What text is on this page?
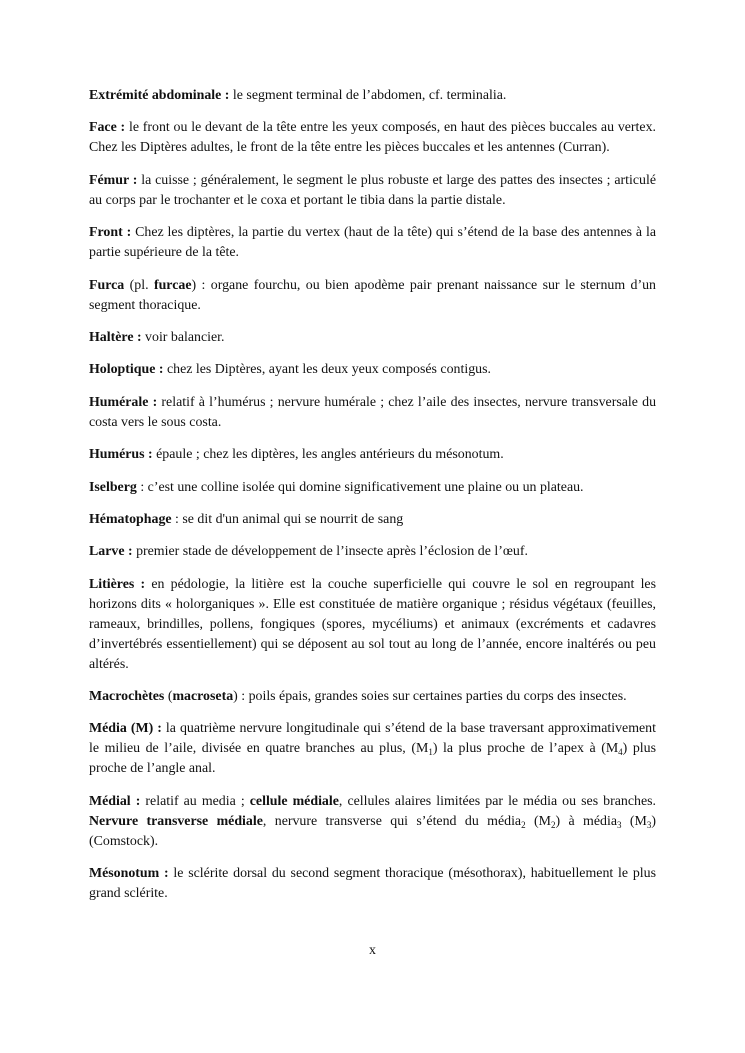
Extrémité abdominale : le segment terminal de l’abdomen, cf. terminalia.

Face : le front ou le devant de la tête entre les yeux composés, en haut des pièces buccales au vertex. Chez les Diptères adultes, le front de la tête entre les pièces buccales et les antennes (Curran).

Fémur : la cuisse ; généralement, le segment le plus robuste et large des pattes des insectes ; articulé au corps par le trochanter et le coxa et portant le tibia dans la partie distale.

Front : Chez les diptères, la partie du vertex (haut de la tête) qui s’étend de la base des antennes à la partie supérieure de la tête.

Furca (pl. furcae) : organe fourchu, ou bien apodème pair prenant naissance sur le sternum d’un segment thoracique.

Haltère : voir balancier.

Holoptique : chez les Diptères, ayant les deux yeux composés contigus.

Humérale : relatif à l’humérus ; nervure humérale ; chez l’aile des insectes, nervure transversale du costa vers le sous costa.

Humérus : épaule ; chez les diptères, les angles antérieurs du mésonotum.

Iselberg : c’est une colline isolée qui domine significativement une plaine ou un plateau.

Hématophage : se dit d'un animal qui se nourrit de sang

Larve : premier stade de développement de l’insecte après l’éclosion de l’œuf.

Litières : en pédologie, la litière est la couche superficielle qui couvre le sol en regroupant les horizons dits « holorganiques ». Elle est constituée de matière organique ; résidus végétaux (feuilles, rameaux, brindilles, pollens, fongiques (spores, mycéliums) et animaux (excréments et cadavres d’invertébrés essentiellement) qui se déposent au sol tout au long de l’année, encore inaltérés ou peu altérés.

Macrochètes (macroseta) : poils épais, grandes soies sur certaines parties du corps des insectes.

Média (M) : la quatrième nervure longitudinale qui s’étend de la base traversant approximativement le milieu de l’aile, divisée en quatre branches au plus, $(M_1)$ la plus proche de l’apex à $(M_4)$ plus proche de l’angle anal.

Médial : relatif au media ; cellule médiale, cellules alaires limitées par le média ou ses branches. Nervure transverse médiale, nervure transverse qui s’étend du média$_2$ $(M_2)$ à média$_3$ $(M_3)$ (Comstock).

Mésonotum : le sclérite dorsal du second segment thoracique (mésothorax), habituellement le plus grand sclérite.

x
